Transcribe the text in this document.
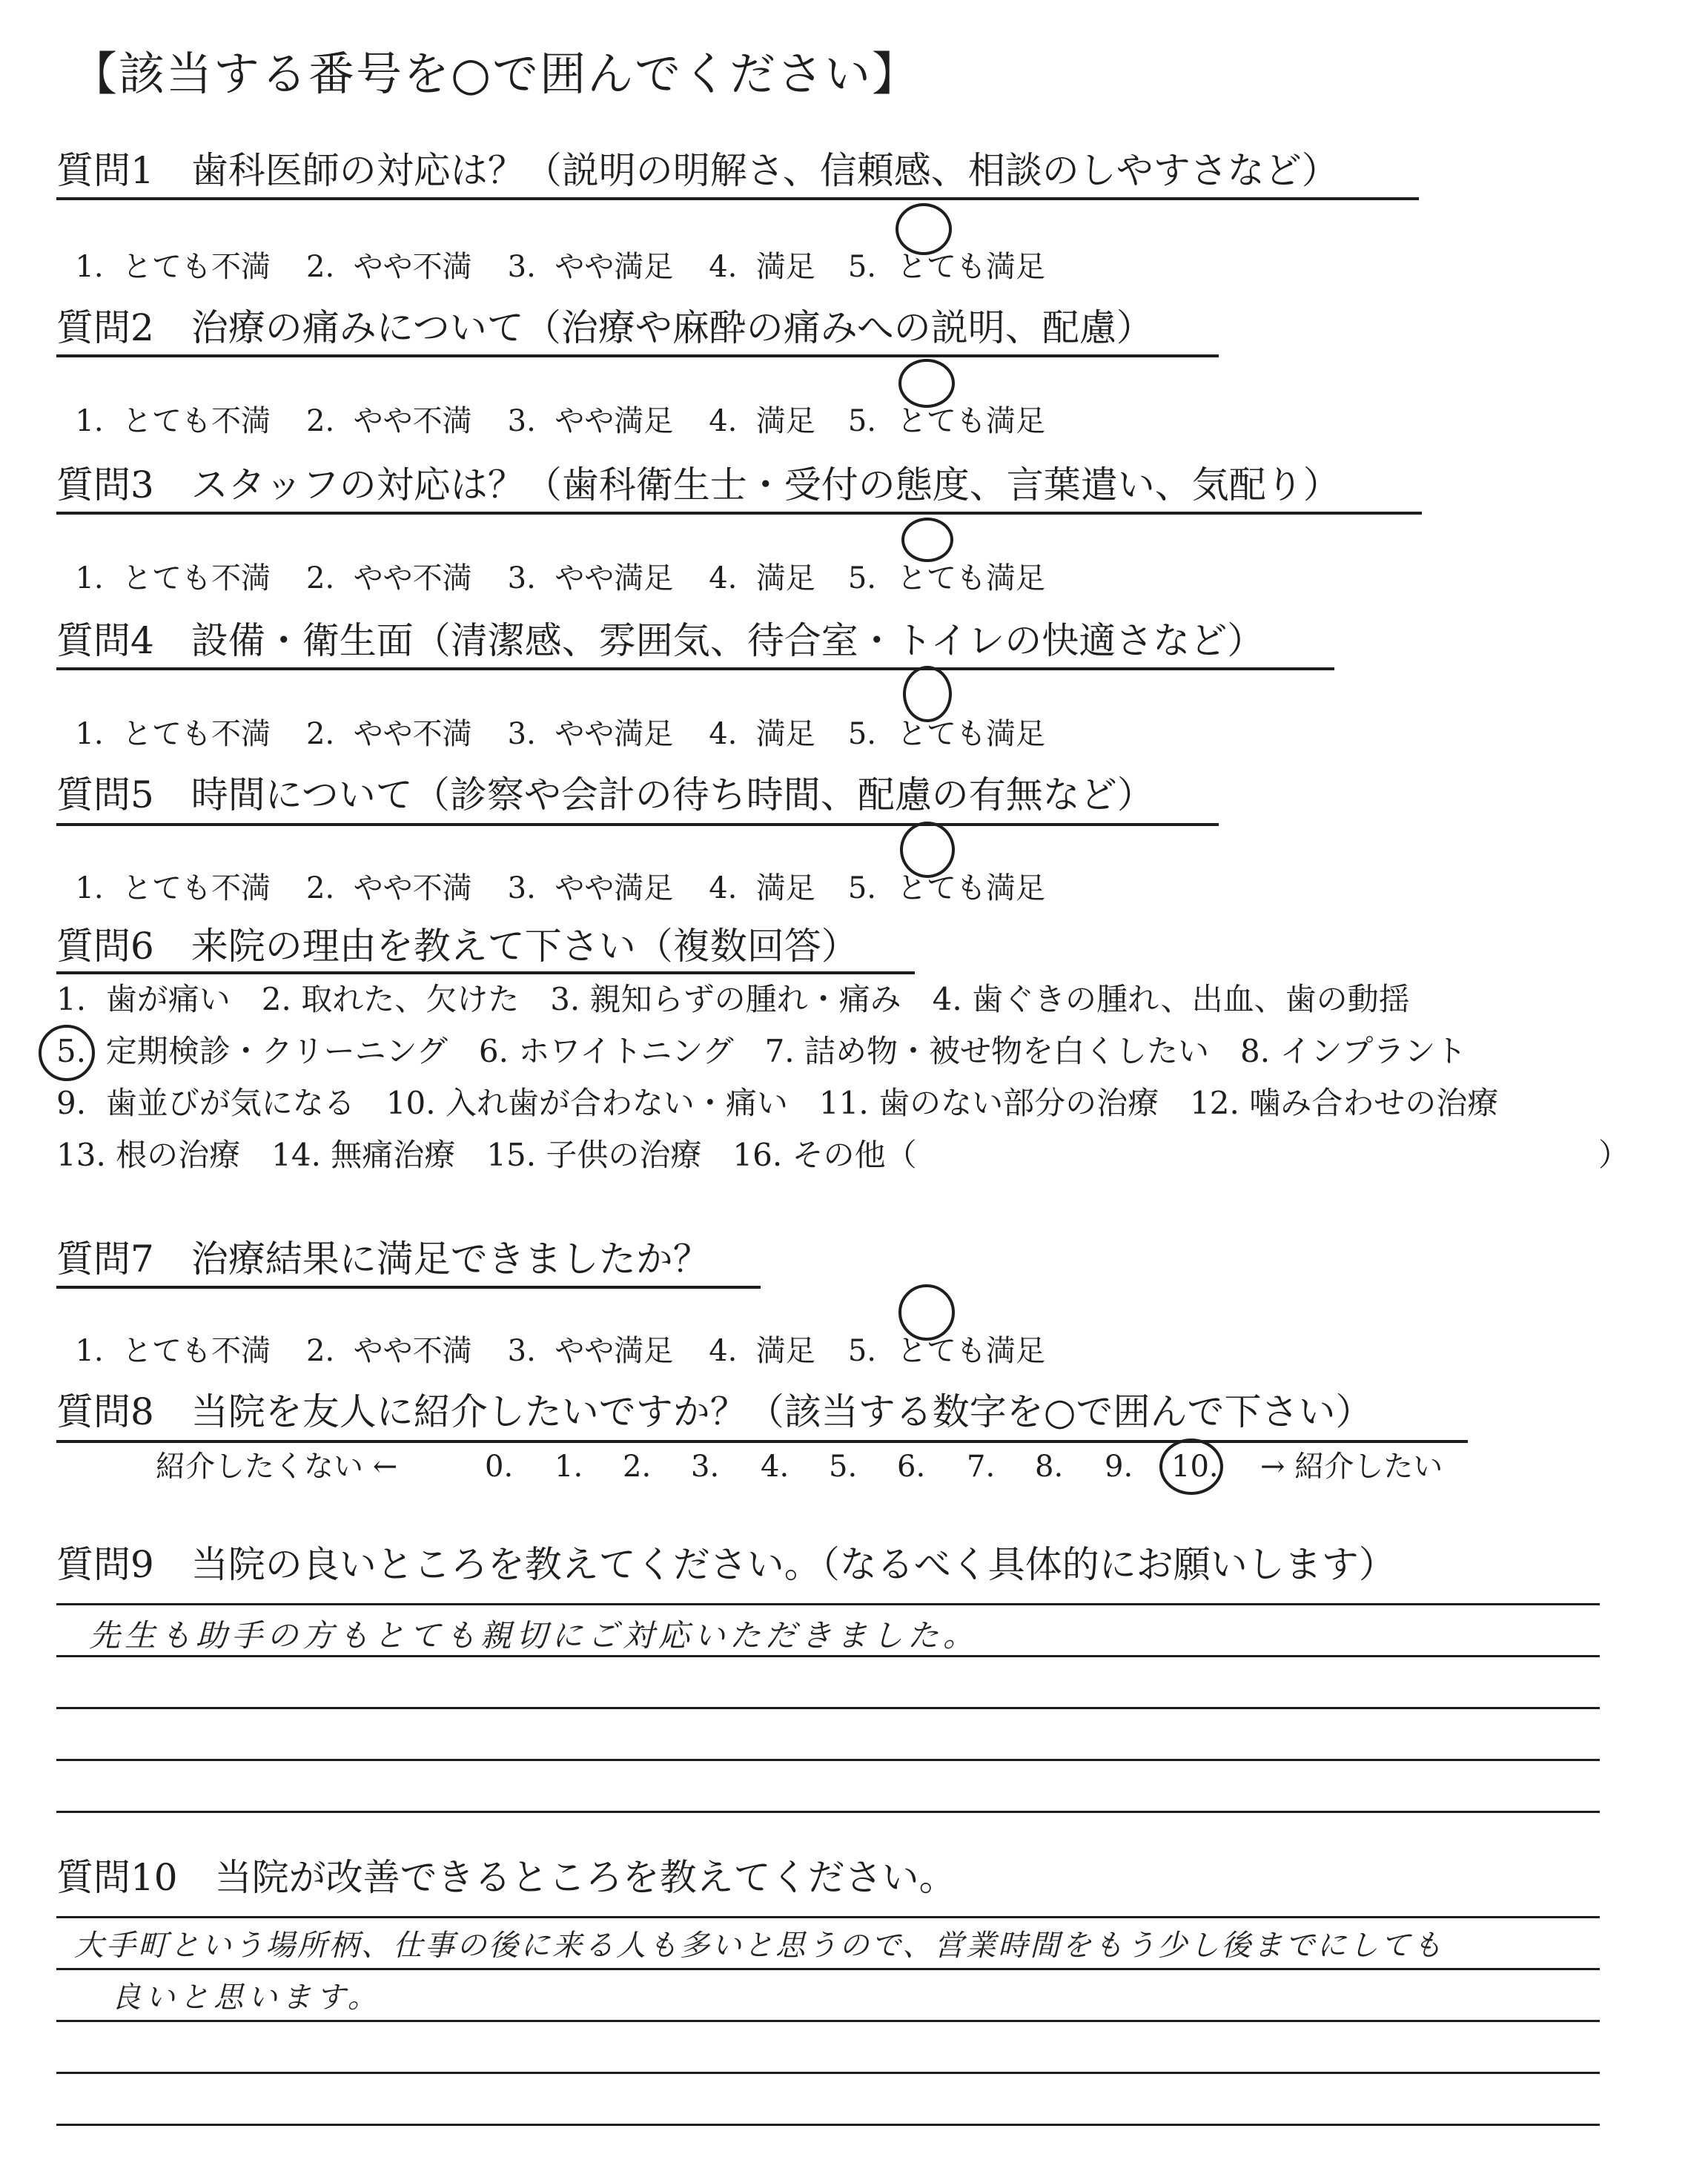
【該当する番号を○で囲んでください】
質問1　歯科医師の対応は？（説明の明解さ、信頼感、相談のしやすさなど）

1.  とても不満 2.  やや不満 3.  やや満足 4.  満足 5. とても満足

質問2　治療の痛みについて（治療や麻酔の痛みへの説明、配慮）

1.  とても不満 2.  やや不満 3.  やや満足 4.  満足 5. とても満足

質問3　スタッフの対応は？（歯科衛生士・受付の態度、言葉遣い、気配り）

1.  とても不満 2.  やや不満 3.  やや満足 4.  満足 5. とても満足

質問4　設備・衛生面（清潔感、雰囲気、待合室・トイレの快適さなど）

1.  とても不満 2.  やや不満 3.  やや満足 4.  満足 5. とても満足

質問5　時間について（診察や会計の待ち時間、配慮の有無など）

1.  とても不満 2.  やや不満 3.  やや満足 4.  満足 5. とても満足

質問6　来院の理由を教えて下さい（複数回答）
1.  歯が痛い　2. 取れた、欠けた　3. 親知らずの腫れ・痛み　4. 歯ぐきの腫れ、出血、歯の動揺
5.  定期検診・クリーニング　6. ホワイトニング　7. 詰め物・被せ物を白くしたい　8. インプラント
9.  歯並びが気になる　10. 入れ歯が合わない・痛い　11. 歯のない部分の治療　12. 噛み合わせの治療
13. 根の治療　14. 無痛治療　15. 子供の治療　16. その他（	）
質問7　治療結果に満足できましたか？

1.  とても不満 2.  やや不満 3.  やや満足 4.  満足 5. とても満足

質問8　当院を友人に紹介したいですか？（該当する数字を○で囲んで下さい）
紹介したくない ←	0. 1. 2. 3. 4. 5. 6. 7. 8. 9. 10. → 紹介したい
質問9　当院の良いところを教えてください。（なるべく具体的にお願いします）
先生も助手の方もとても親切にご対応いただきました。
質問10　当院が改善できるところを教えてください。
大手町という場所柄、仕事の後に来る人も多いと思うので、営業時間をもう少し後までにしても
良いと思います。
